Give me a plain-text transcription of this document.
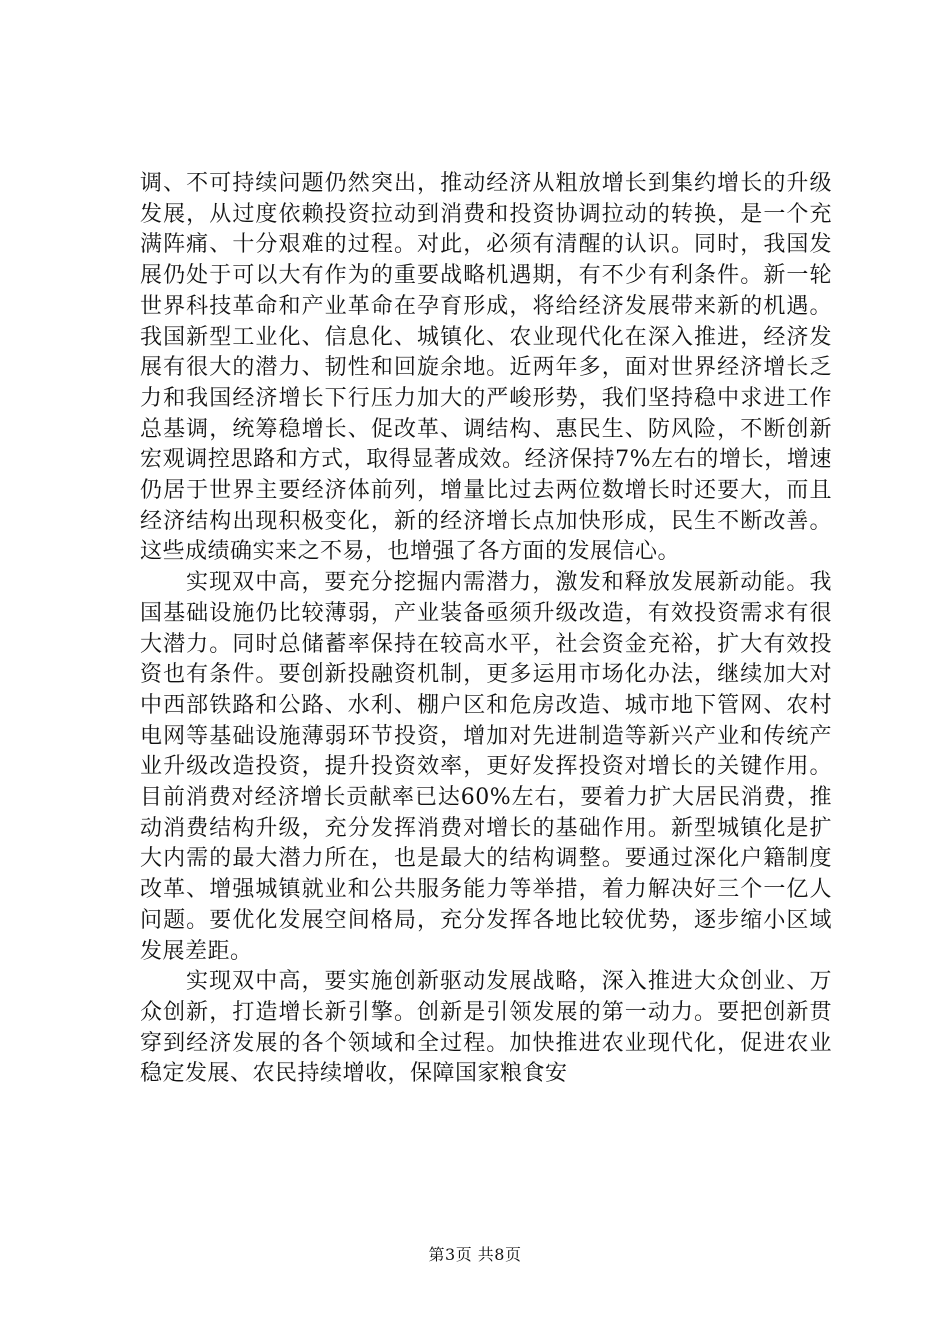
调、不可持续问题仍然突出，推动经济从粗放增长到集约增长的升级发展，从过度依赖投资拉动到消费和投资协调拉动的转换，是一个充满阵痛、十分艰难的过程。对此，必须有清醒的认识。同时，我国发展仍处于可以大有作为的重要战略机遇期，有不少有利条件。新一轮世界科技革命和产业革命在孕育形成，将给经济发展带来新的机遇。我国新型工业化、信息化、城镇化、农业现代化在深入推进，经济发展有很大的潜力、韧性和回旋余地。近两年多，面对世界经济增长乏力和我国经济增长下行压力加大的严峻形势，我们坚持稳中求进工作总基调，统筹稳增长、促改革、调结构、惠民生、防风险，不断创新宏观调控思路和方式，取得显著成效。经济保持7%左右的增长，增速仍居于世界主要经济体前列，增量比过去两位数增长时还要大，而且经济结构出现积极变化，新的经济增长点加快形成，民生不断改善。这些成绩确实来之不易，也增强了各方面的发展信心。

实现双中高，要充分挖掘内需潜力，激发和释放发展新动能。我国基础设施仍比较薄弱，产业装备亟须升级改造，有效投资需求有很大潜力。同时总储蓄率保持在较高水平，社会资金充裕，扩大有效投资也有条件。要创新投融资机制，更多运用市场化办法，继续加大对中西部铁路和公路、水利、棚户区和危房改造、城市地下管网、农村电网等基础设施薄弱环节投资，增加对先进制造等新兴产业和传统产业升级改造投资，提升投资效率，更好发挥投资对增长的关键作用。目前消费对经济增长贡献率已达60%左右，要着力扩大居民消费，推动消费结构升级，充分发挥消费对增长的基础作用。新型城镇化是扩大内需的最大潜力所在，也是最大的结构调整。要通过深化户籍制度改革、增强城镇就业和公共服务能力等举措，着力解决好三个一亿人问题。要优化发展空间格局，充分发挥各地比较优势，逐步缩小区域发展差距。

实现双中高，要实施创新驱动发展战略，深入推进大众创业、万众创新，打造增长新引擎。创新是引领发展的第一动力。要把创新贯穿到经济发展的各个领域和全过程。加快推进农业现代化，促进农业稳定发展、农民持续增收，保障国家粮食安

第3页 共8页
